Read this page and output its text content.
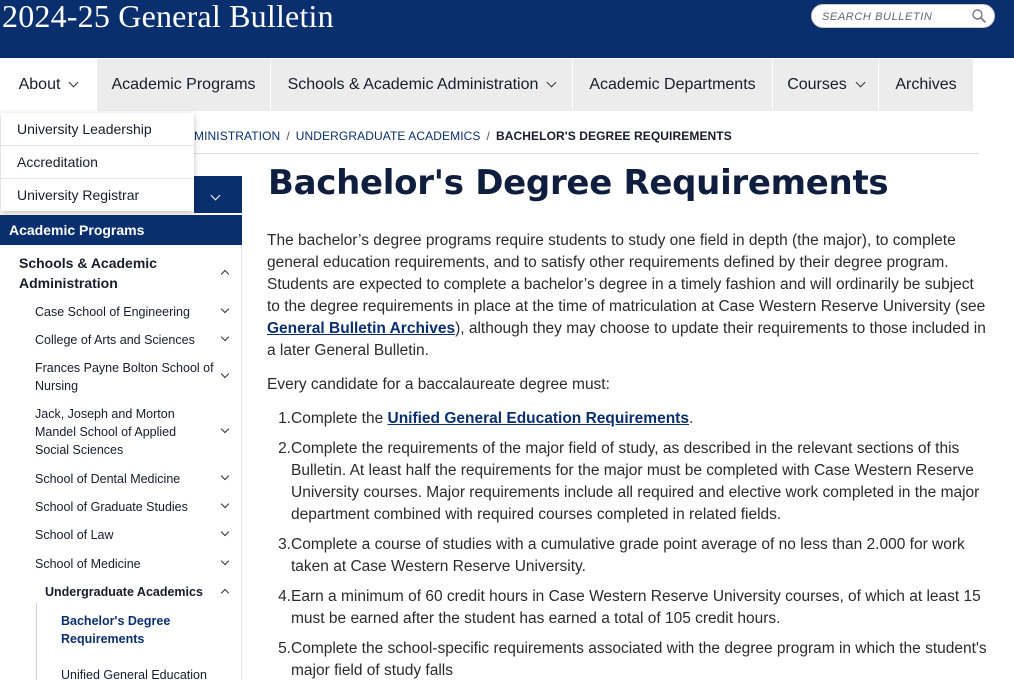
2024-25 General Bulletin
SEARCH BULLETIN
About	Academic Programs Schools & Academic Administration	Academic Departments Courses	Archives
MINISTRATION / UNDERGRADUATE ACADEMICS / BACHELOR'S DEGREE REQUIREMENTS
Academic Programs
Schools & Academic Administration
Case School of Engineering
College of Arts and Sciences
Frances Payne Bolton School of Nursing
Jack, Joseph and Morton Mandel School of Applied Social Sciences
School of Dental Medicine
School of Graduate Studies
School of Law
School of Medicine
Undergraduate Academics
Bachelor's Degree Requirements
Unified General Education
University Leadership
Accreditation
University Registrar	Bachelor's Degree Requirements

The bachelor’s degree programs require students to study one field in depth (the major), to complete general education requirements, and to satisfy other requirements defined by their degree program. Students are expected to complete a bachelor’s degree in a timely fashion and will ordinarily be subject to the degree requirements in place at the time of matriculation at Case Western Reserve University (see General Bulletin Archives), although they may choose to update their requirements to those included in a later General Bulletin.

Every candidate for a baccalaureate degree must:

1. Complete the Unified General Education Requirements.
2. Complete the requirements of the major field of study, as described in the relevant sections of this Bulletin. At least half the requirements for the major must be completed with Case Western Reserve University courses. Major requirements include all required and elective work completed in the major department combined with required courses completed in related fields.
3. Complete a course of studies with a cumulative grade point average of no less than 2.000 for work taken at Case Western Reserve University.
4. Earn a minimum of 60 credit hours in Case Western Reserve University courses, of which at least 15 must be earned after the student has earned a total of 105 credit hours.
5. Complete the school-specific requirements associated with the degree program in which the student's major field of study falls
